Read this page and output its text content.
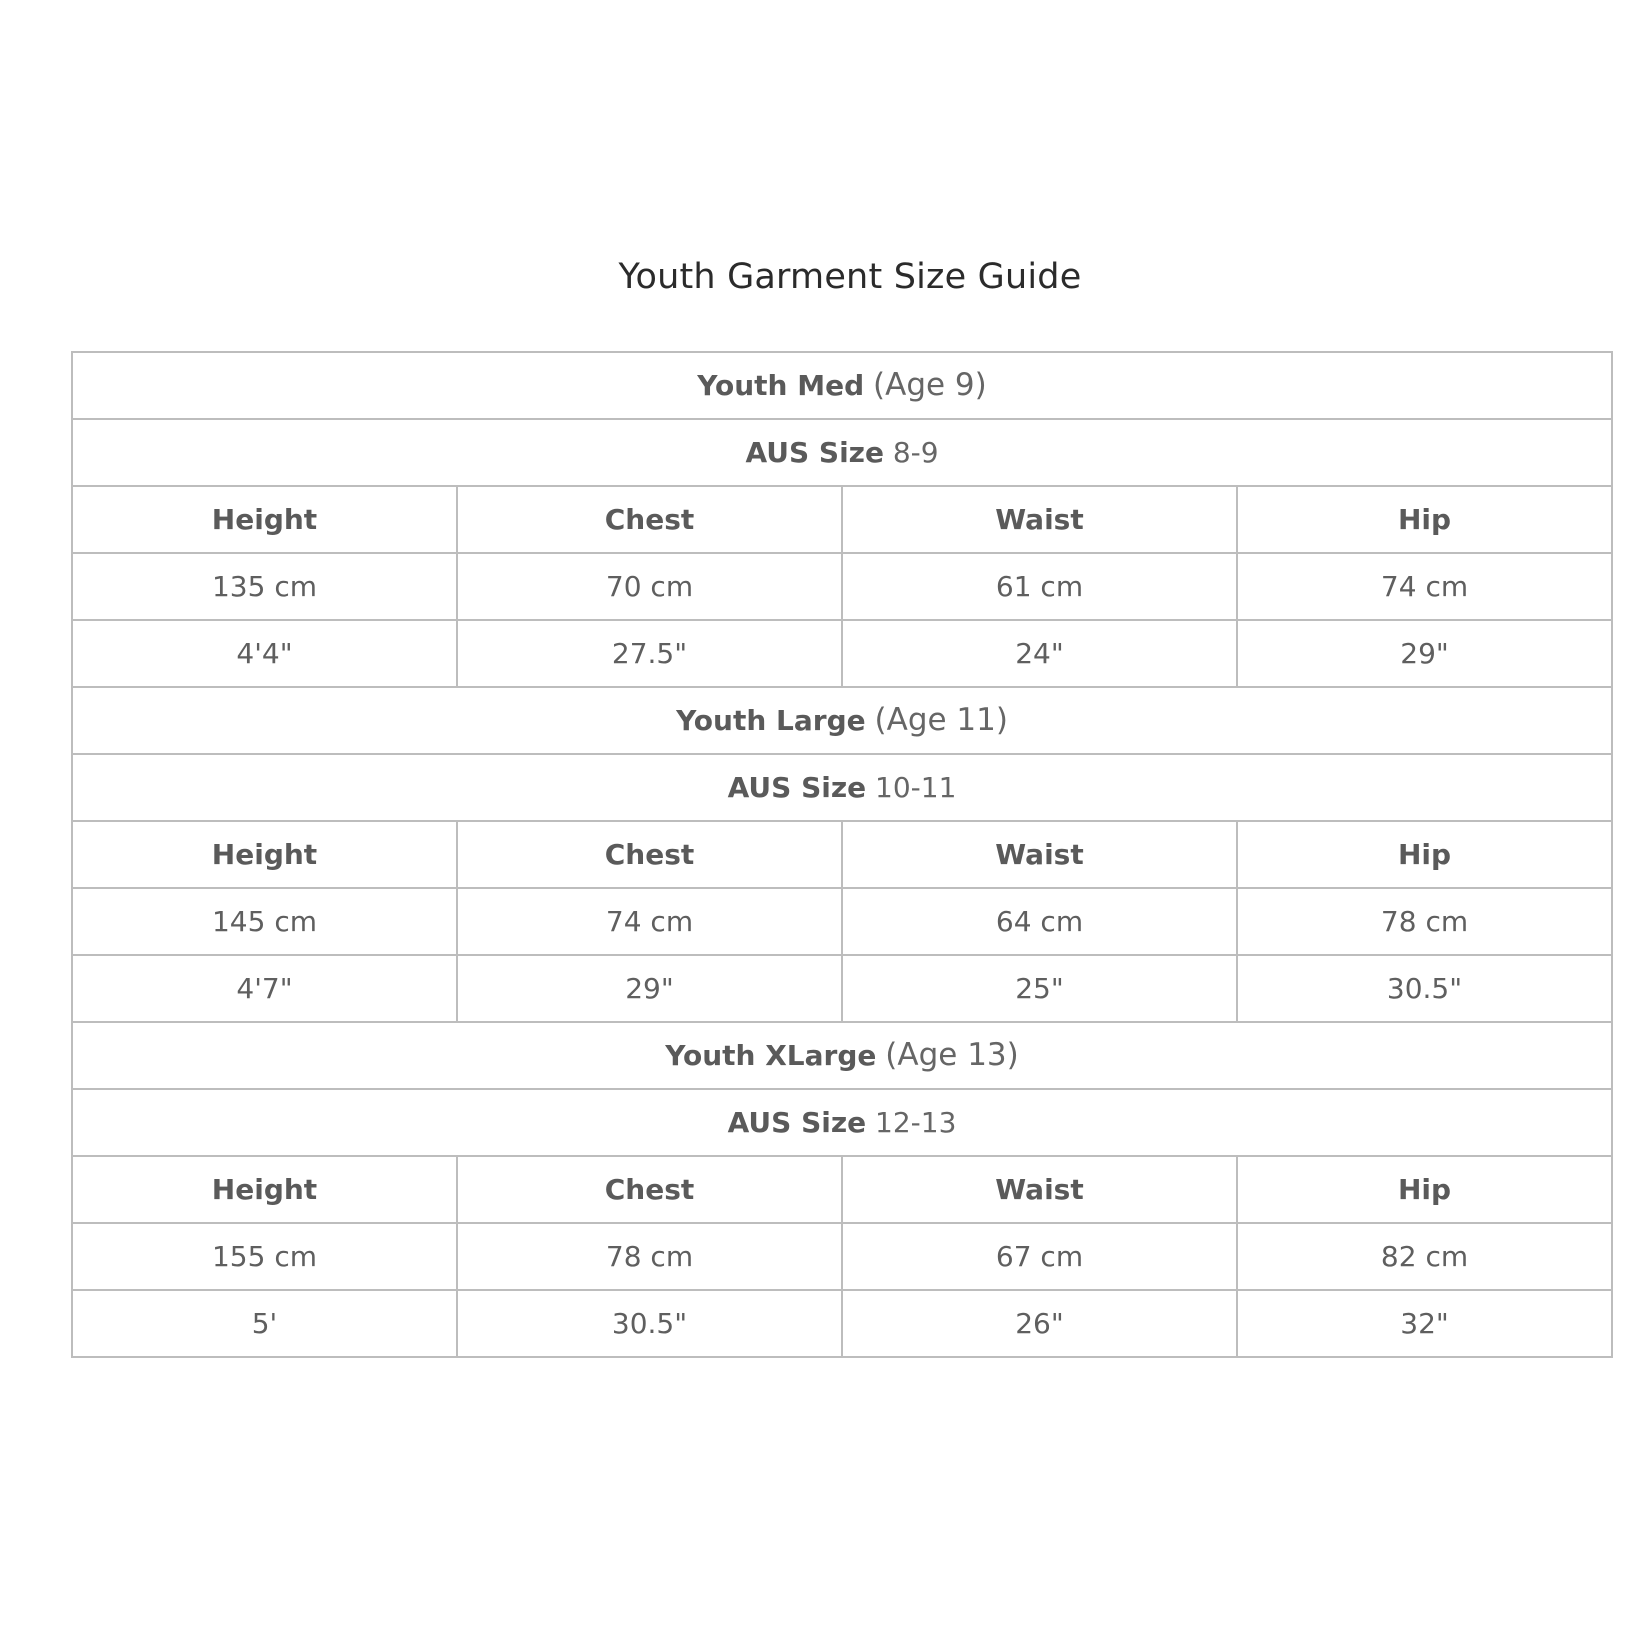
Youth Garment Size Guide
Youth Med (Age 9)			
AUS Size 8-9			
Height	Chest	Waist	Hip
135 cm	70 cm	61 cm	74 cm
4'4"	27.5"	24"	29"
Youth Large (Age 11)			
AUS Size 10-11			
Height	Chest	Waist	Hip
145 cm	74 cm	64 cm	78 cm
4'7"	29"	25"	30.5"
Youth XLarge (Age 13)			
AUS Size 12-13			
Height	Chest	Waist	Hip
155 cm	78 cm	67 cm	82 cm
5'	30.5"	26"	32"
